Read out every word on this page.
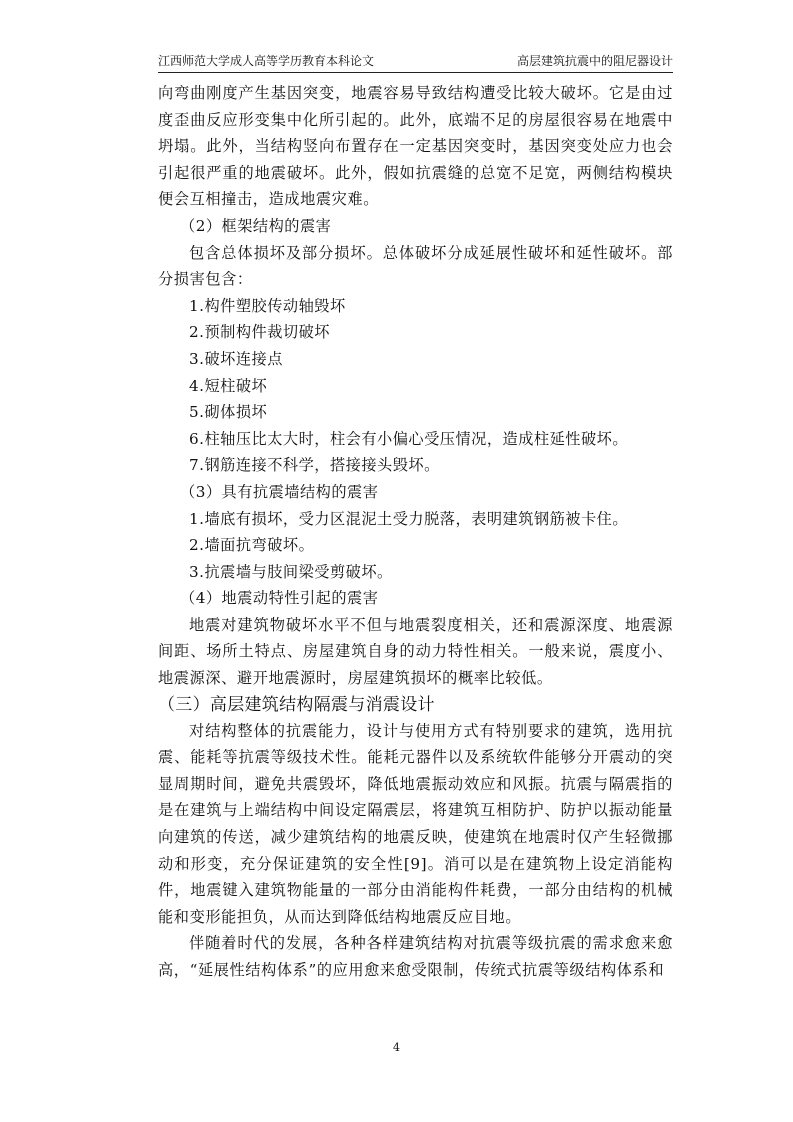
江西师范大学成人高等学历教育本科论文	高层建筑抗震中的阻尼器设计

向弯曲刚度产生基因突变，地震容易导致结构遭受比较大破坏。它是由过度歪曲反应形变集中化所引起的。此外，底端不足的房屋很容易在地震中坍塌。此外，当结构竖向布置存在一定基因突变时，基因突变处应力也会引起很严重的地震破坏。此外，假如抗震缝的总宽不足宽，两侧结构模块便会互相撞击，造成地震灾难。

（2）框架结构的震害

包含总体损坏及部分损坏。总体破坏分成延展性破坏和延性破坏。部分损害包含：

1.构件塑胶传动轴毁坏

2.预制构件裁切破坏

3.破坏连接点

4.短柱破坏

5.砌体损坏

6.柱轴压比太大时，柱会有小偏心受压情况，造成柱延性破坏。

7.钢筋连接不科学，搭接接头毁坏。

（3）具有抗震墙结构的震害

1.墙底有损坏，受力区混泥土受力脱落，表明建筑钢筋被卡住。

2.墙面抗弯破坏。

3.抗震墙与肢间梁受剪破坏。

（4）地震动特性引起的震害

地震对建筑物破坏水平不但与地震裂度相关，还和震源深度、地震源间距、场所土特点、房屋建筑自身的动力特性相关。一般来说，震度小、地震源深、避开地震源时，房屋建筑损坏的概率比较低。

（三）高层建筑结构隔震与消震设计

对结构整体的抗震能力，设计与使用方式有特别要求的建筑，选用抗震、能耗等抗震等级技术性。能耗元器件以及系统软件能够分开震动的突显周期时间，避免共震毁坏，降低地震振动效应和风振。抗震与隔震指的是在建筑与上端结构中间设定隔震层，将建筑互相防护、防护以振动能量向建筑的传送，减少建筑结构的地震反映，使建筑在地震时仅产生轻微挪动和形变，充分保证建筑的安全性[9]。消可以是在建筑物上设定消能构件，地震键入建筑物能量的一部分由消能构件耗费，一部分由结构的机械能和变形能担负，从而达到降低结构地震反应目地。

伴随着时代的发展，各种各样建筑结构对抗震等级抗震的需求愈来愈高，“延展性结构体系”的应用愈来愈受限制，传统式抗震等级结构体系和

4
